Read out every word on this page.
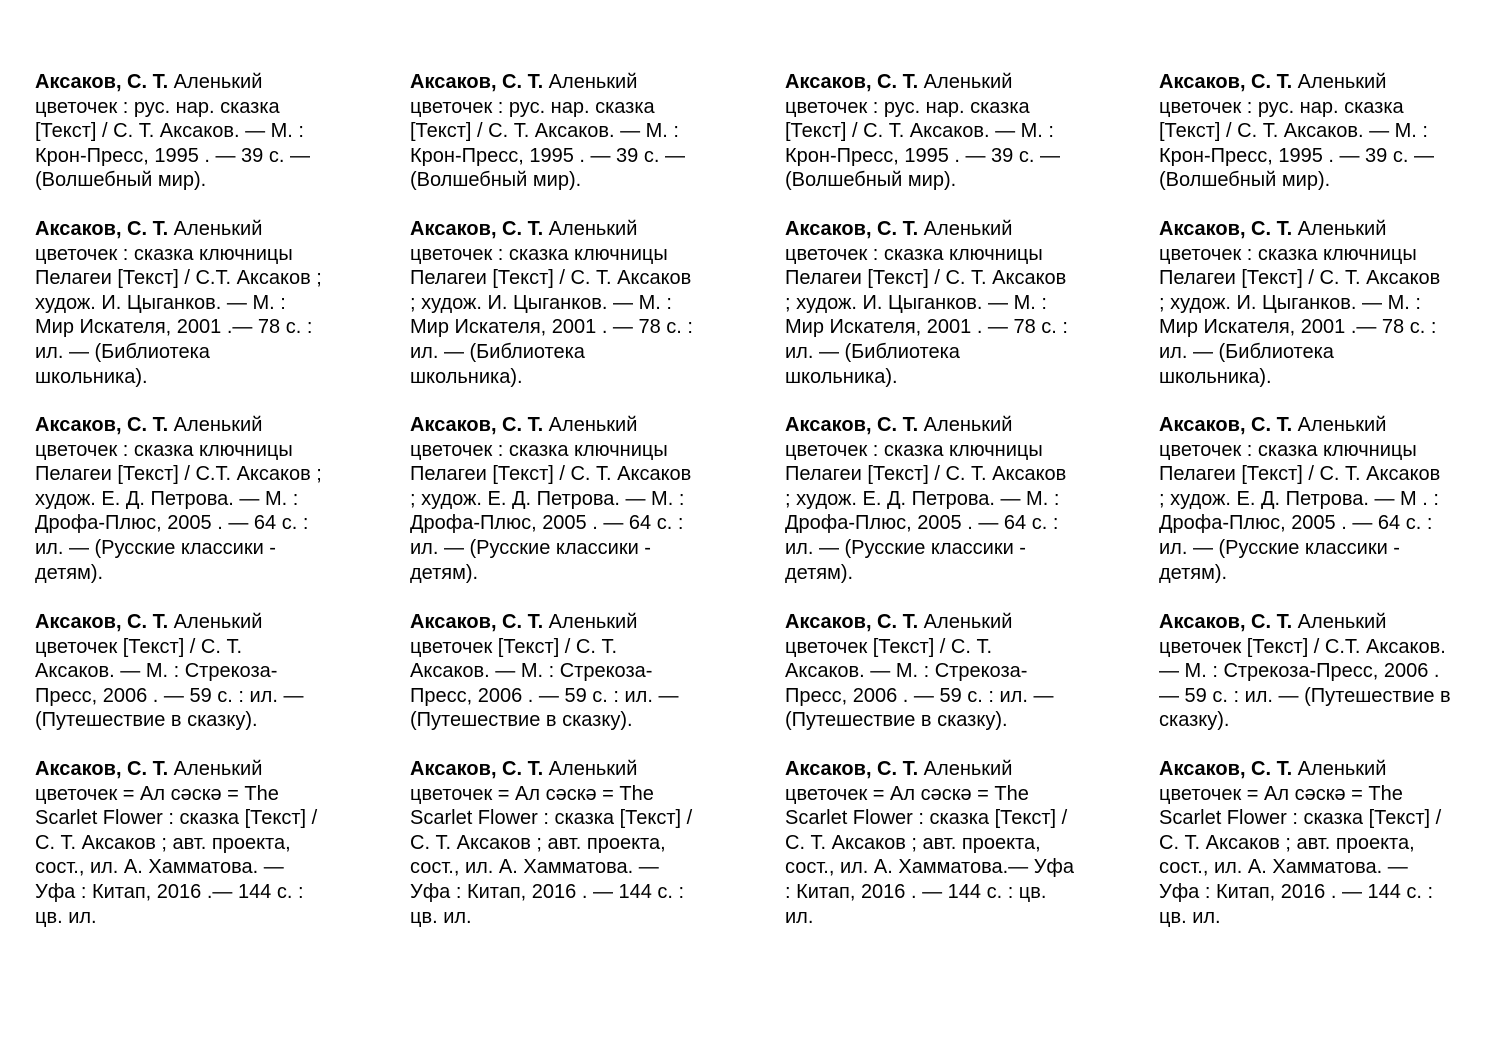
Аксаков, С. Т. Аленький
цветочек : рус. нар. сказка
[Текст] / С. Т. Аксаков. — М. :
Крон-Пресс, 1995 . — 39 с. —
(Волшебный мир).
Аксаков, С. Т. Аленький
цветочек : сказка ключницы
Пелагеи [Текст] / С.Т. Аксаков ;
худож. И. Цыганков. — М. :
Мир Искателя, 2001 .— 78 с. :
ил. — (Библиотека
школьника).
Аксаков, С. Т. Аленький
цветочек : сказка ключницы
Пелагеи [Текст] / С.Т. Аксаков ;
худож. Е. Д. Петрова. — М. :
Дрофа-Плюс, 2005 . — 64 с. :
ил. — (Русские классики -
детям).
Аксаков, С. Т. Аленький
цветочек [Текст] / С. Т.
Аксаков. — М. : Стрекоза-
Пресс, 2006 . — 59 с. : ил. —
(Путешествие в сказку).
Аксаков, С. Т. Аленький
цветочек = Ал сәскә = The
Scarlet Flower : сказка [Текст] /
С. Т. Аксаков ; авт. проекта,
сост., ил. А. Хамматова. —
Уфа : Китап, 2016 .— 144 с. :
цв. ил.
Аксаков, С. Т. Аленький
цветочек : рус. нар. сказка
[Текст] / С. Т. Аксаков. — М. :
Крон-Пресс, 1995 . — 39 с. —
(Волшебный мир).
Аксаков, С. Т. Аленький
цветочек : сказка ключницы
Пелагеи [Текст] / С. Т. Аксаков
; худож. И. Цыганков. — М. :
Мир Искателя, 2001 . — 78 с. :
ил. — (Библиотека
школьника).
Аксаков, С. Т. Аленький
цветочек : сказка ключницы
Пелагеи [Текст] / С. Т. Аксаков
; худож. Е. Д. Петрова. — М. :
Дрофа-Плюс, 2005 . — 64 с. :
ил. — (Русские классики -
детям).
Аксаков, С. Т. Аленький
цветочек [Текст] / С. Т.
Аксаков. — М. : Стрекоза-
Пресс, 2006 . — 59 с. : ил. —
(Путешествие в сказку).
Аксаков, С. Т. Аленький
цветочек = Ал сәскә = The
Scarlet Flower : сказка [Текст] /
С. Т. Аксаков ; авт. проекта,
сост., ил. А. Хамматова. —
Уфа : Китап, 2016 . — 144 с. :
цв. ил.
Аксаков, С. Т. Аленький
цветочек : рус. нар. сказка
[Текст] / С. Т. Аксаков. — М. :
Крон-Пресс, 1995 . — 39 с. —
(Волшебный мир).
Аксаков, С. Т. Аленький
цветочек : сказка ключницы
Пелагеи [Текст] / С. Т. Аксаков
; худож. И. Цыганков. — М. :
Мир Искателя, 2001 . — 78 с. :
ил. — (Библиотека
школьника).
Аксаков, С. Т. Аленький
цветочек : сказка ключницы
Пелагеи [Текст] / С. Т. Аксаков
; худож. Е. Д. Петрова. — М. :
Дрофа-Плюс, 2005 . — 64 с. :
ил. — (Русские классики -
детям).
Аксаков, С. Т. Аленький
цветочек [Текст] / С. Т.
Аксаков. — М. : Стрекоза-
Пресс, 2006 . — 59 с. : ил. —
(Путешествие в сказку).
Аксаков, С. Т. Аленький
цветочек = Ал сәскә = The
Scarlet Flower : сказка [Текст] /
С. Т. Аксаков ; авт. проекта,
сост., ил. А. Хамматова.— Уфа
: Китап, 2016 . — 144 с. : цв.
ил.
Аксаков, С. Т. Аленький
цветочек : рус. нар. сказка
[Текст] / С. Т. Аксаков. — М. :
Крон-Пресс, 1995 . — 39 с. —
(Волшебный мир).
Аксаков, С. Т. Аленький
цветочек : сказка ключницы
Пелагеи [Текст] / С. Т. Аксаков
; худож. И. Цыганков. — М. :
Мир Искателя, 2001 .— 78 с. :
ил. — (Библиотека
школьника).
Аксаков, С. Т. Аленький
цветочек : сказка ключницы
Пелагеи [Текст] / С. Т. Аксаков
; худож. Е. Д. Петрова. — М . :
Дрофа-Плюс, 2005 . — 64 с. :
ил. — (Русские классики -
детям).
Аксаков, С. Т. Аленький
цветочек [Текст] / С.Т. Аксаков.
— М. : Стрекоза-Пресс, 2006 .
— 59 с. : ил. — (Путешествие в
сказку).
Аксаков, С. Т. Аленький
цветочек = Ал сәскә = The
Scarlet Flower : сказка [Текст] /
С. Т. Аксаков ; авт. проекта,
сост., ил. А. Хамматова. —
Уфа : Китап, 2016 . — 144 с. :
цв. ил.
